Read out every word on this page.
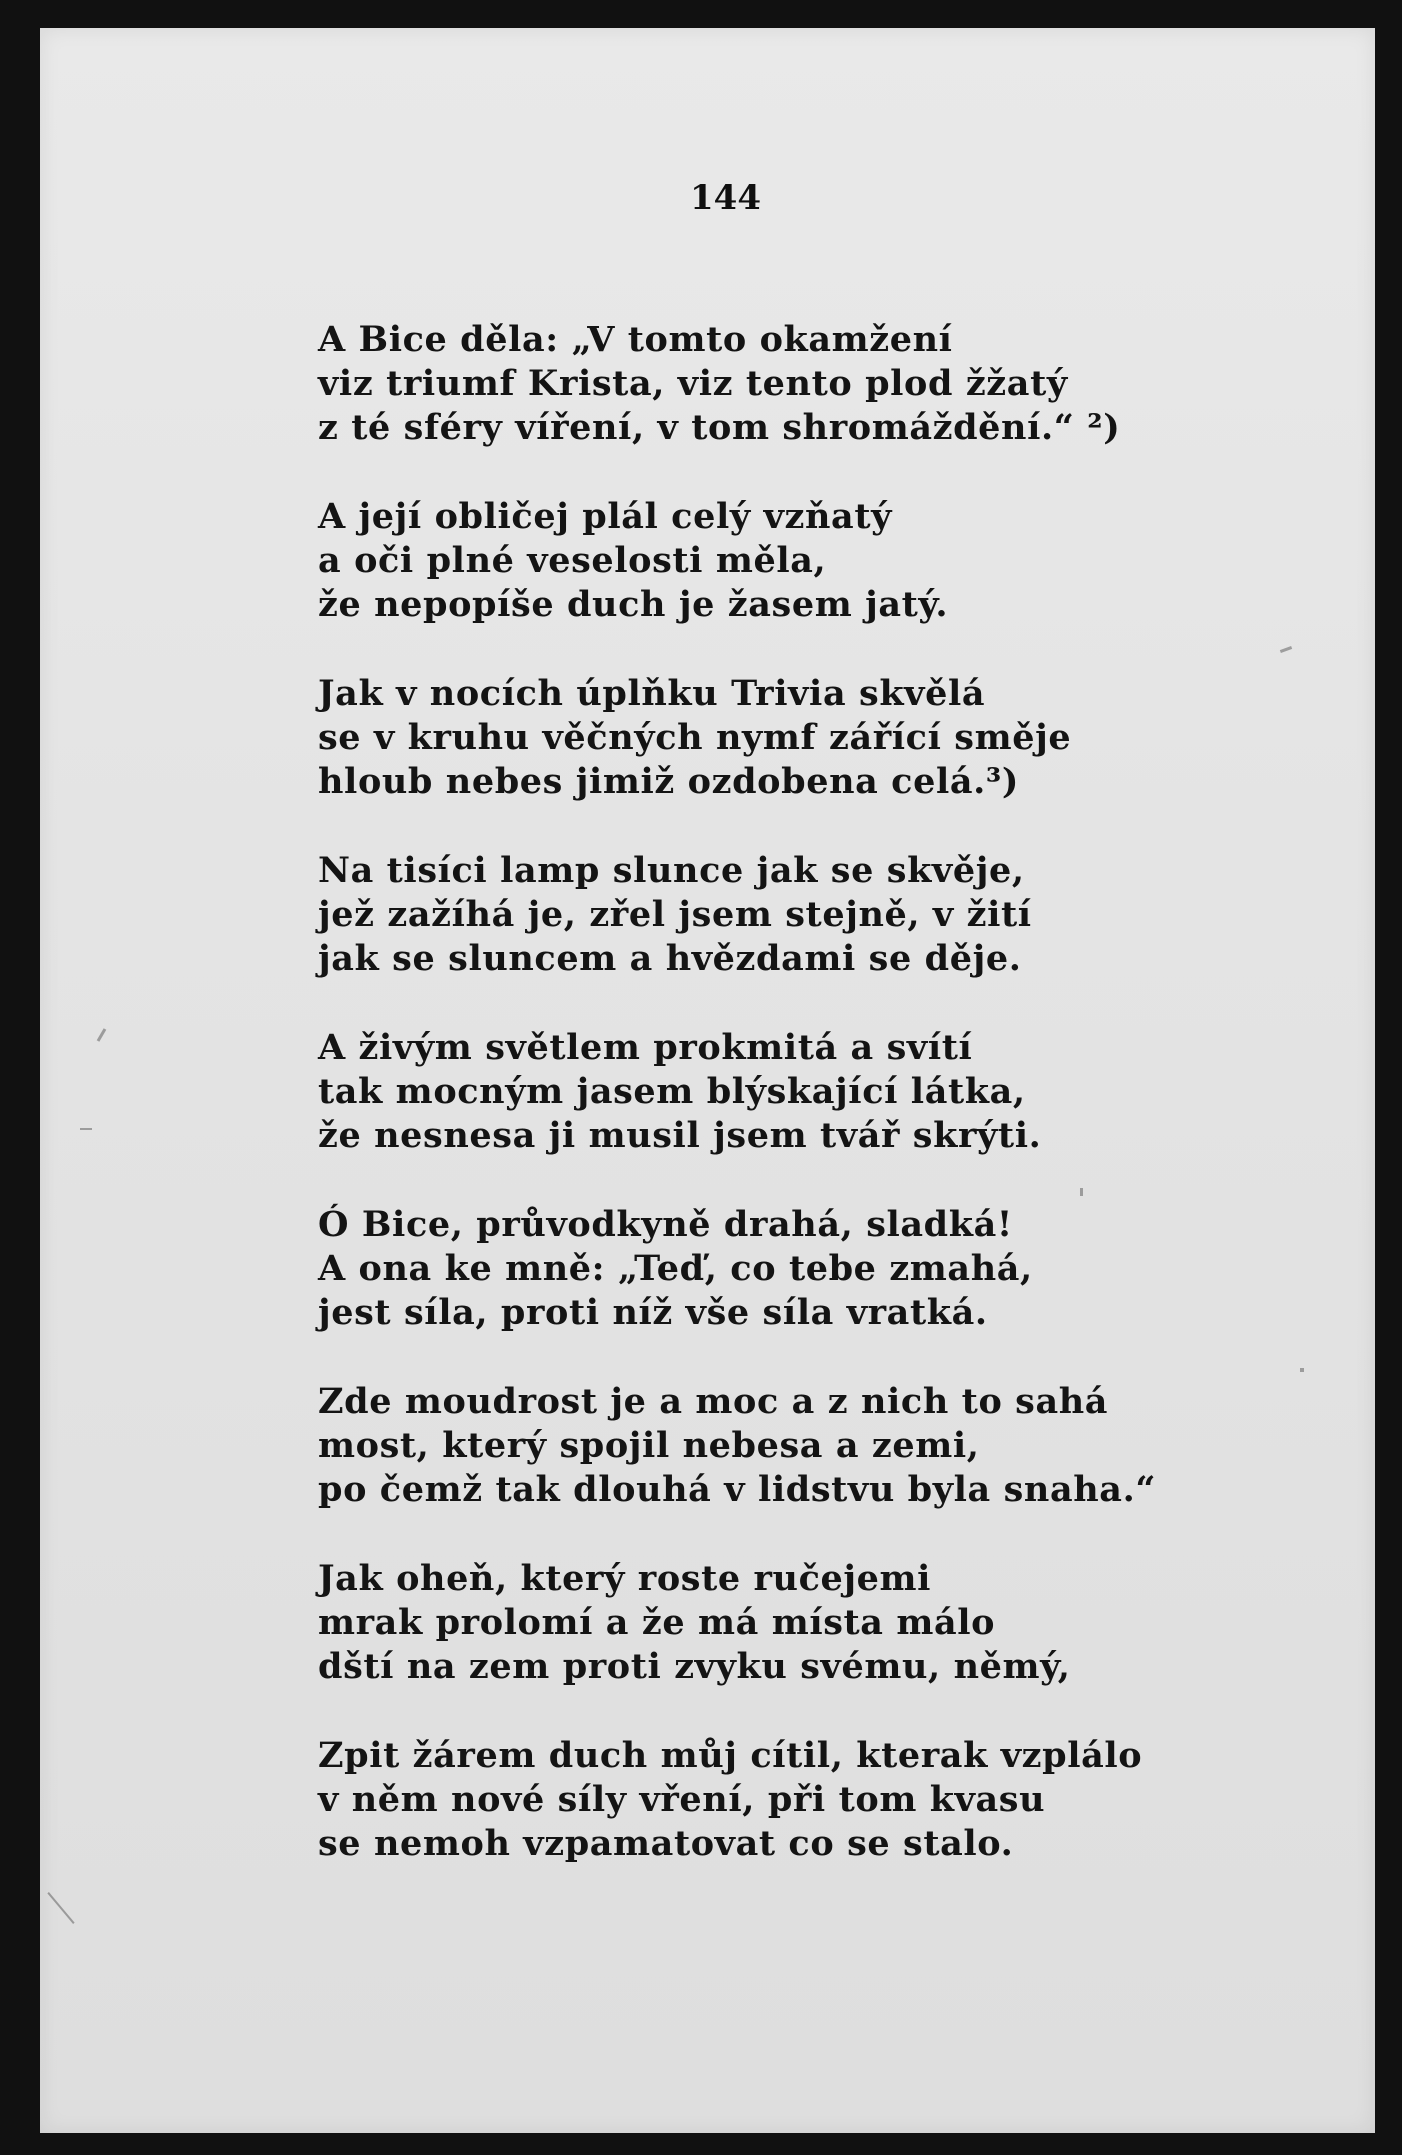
144
A Bice děla: „V tomto okamžení
viz triumf Krista, viz tento plod žžatý
z té sféry víření, v tom shromáždění.“ ²)
A její obličej plál celý vzňatý
a oči plné veselosti měla,
že nepopíše duch je žasem jatý.
Jak v nocích úplňku Trivia skvělá
se v kruhu věčných nymf zářící směje
hloub nebes jimiž ozdobena celá.³)
Na tisíci lamp slunce jak se skvěje,
jež zažíhá je, zřel jsem stejně, v žití
jak se sluncem a hvězdami se děje.
A živým světlem prokmitá a svítí
tak mocným jasem blýskající látka,
že nesnesa ji musil jsem tvář skrýti.
Ó Bice, průvodkyně drahá, sladká!
A ona ke mně: „Teď, co tebe zmahá,
jest síla, proti níž vše síla vratká.
Zde moudrost je a moc a z nich to sahá
most, který spojil nebesa a zemi,
po čemž tak dlouhá v lidstvu byla snaha.“
Jak oheň, který roste ručejemi
mrak prolomí a že má místa málo
dští na zem proti zvyku svému, němý,
Zpit žárem duch můj cítil, kterak vzplálo
v něm nové síly vření, při tom kvasu
se nemoh vzpamatovat co se stalo.
